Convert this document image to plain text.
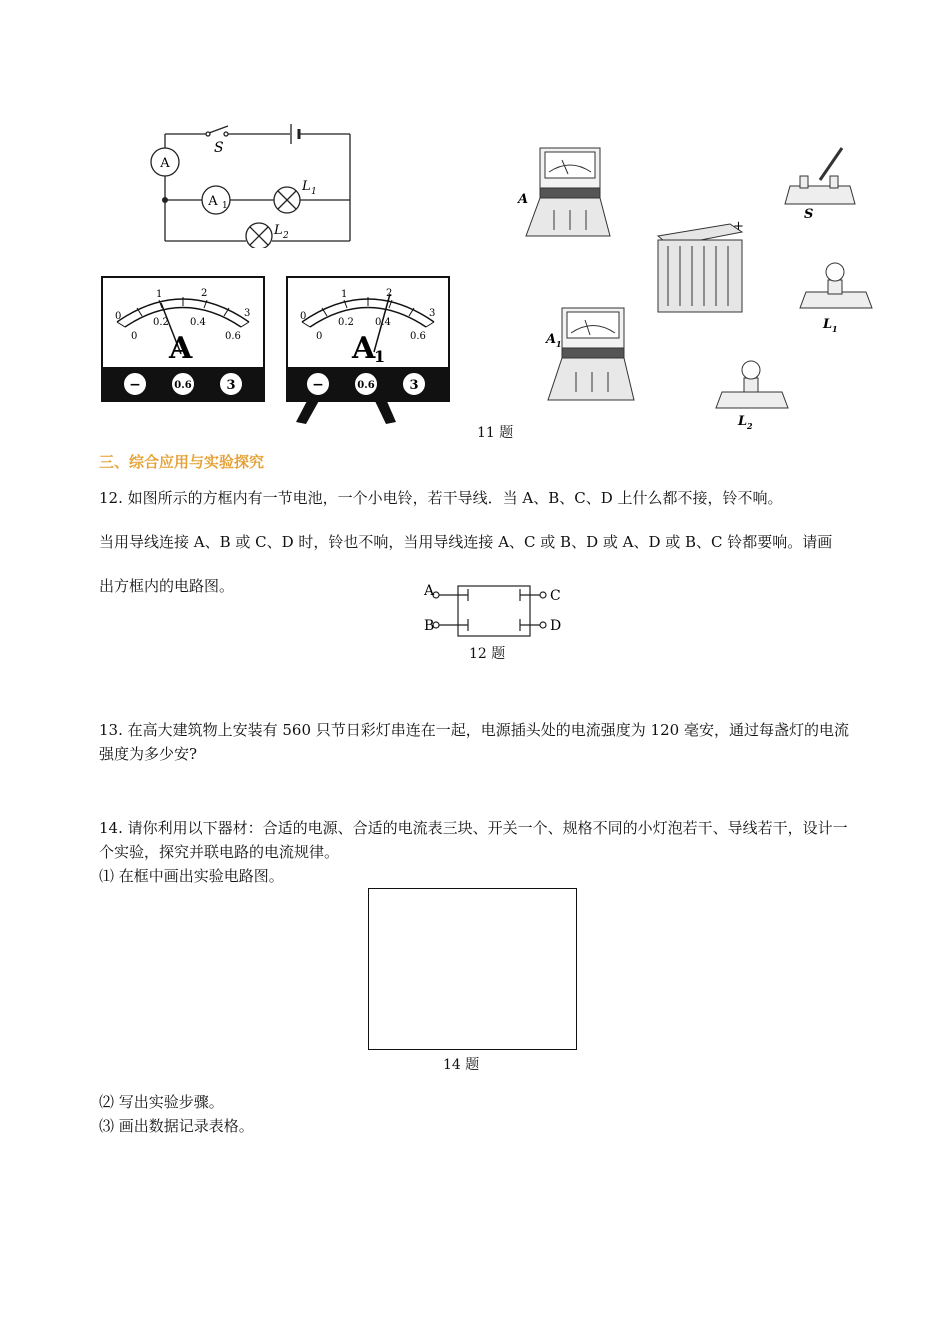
A
A 1
S
L 1
L 2
0
1	2
3
0
0.2 0.4
0.6
A
−	0.6	3
0
1	2
3
0
0.2 0.4
0.6
A
1
−	0.6	3
A
A 1
+
S
L 1
L 2
11 题
三、综合应用与实验探究
12. 如图所示的方框内有一节电池，一个小电铃，若干导线．当 A、B、C、D 上什么都不接，铃不响。
当用导线连接 A、B 或 C、D 时，铃也不响，当用导线连接 A、C 或 B、D 或 A、D 或 B、C 铃都要响。请画
出方框内的电路图。	A
B
C
D
12 题
13. 在高大建筑物上安装有 560 只节日彩灯串连在一起，电源插头处的电流强度为 120 毫安，通过每盏灯的电流强度为多少安?
14. 请你利用以下器材：合适的电源、合适的电流表三块、开关一个、规格不同的小灯泡若干、导线若干，设计一个实验，探究并联电路的电流规律。
⑴ 在框中画出实验电路图。
14 题
⑵ 写出实验步骤。
⑶ 画出数据记录表格。
